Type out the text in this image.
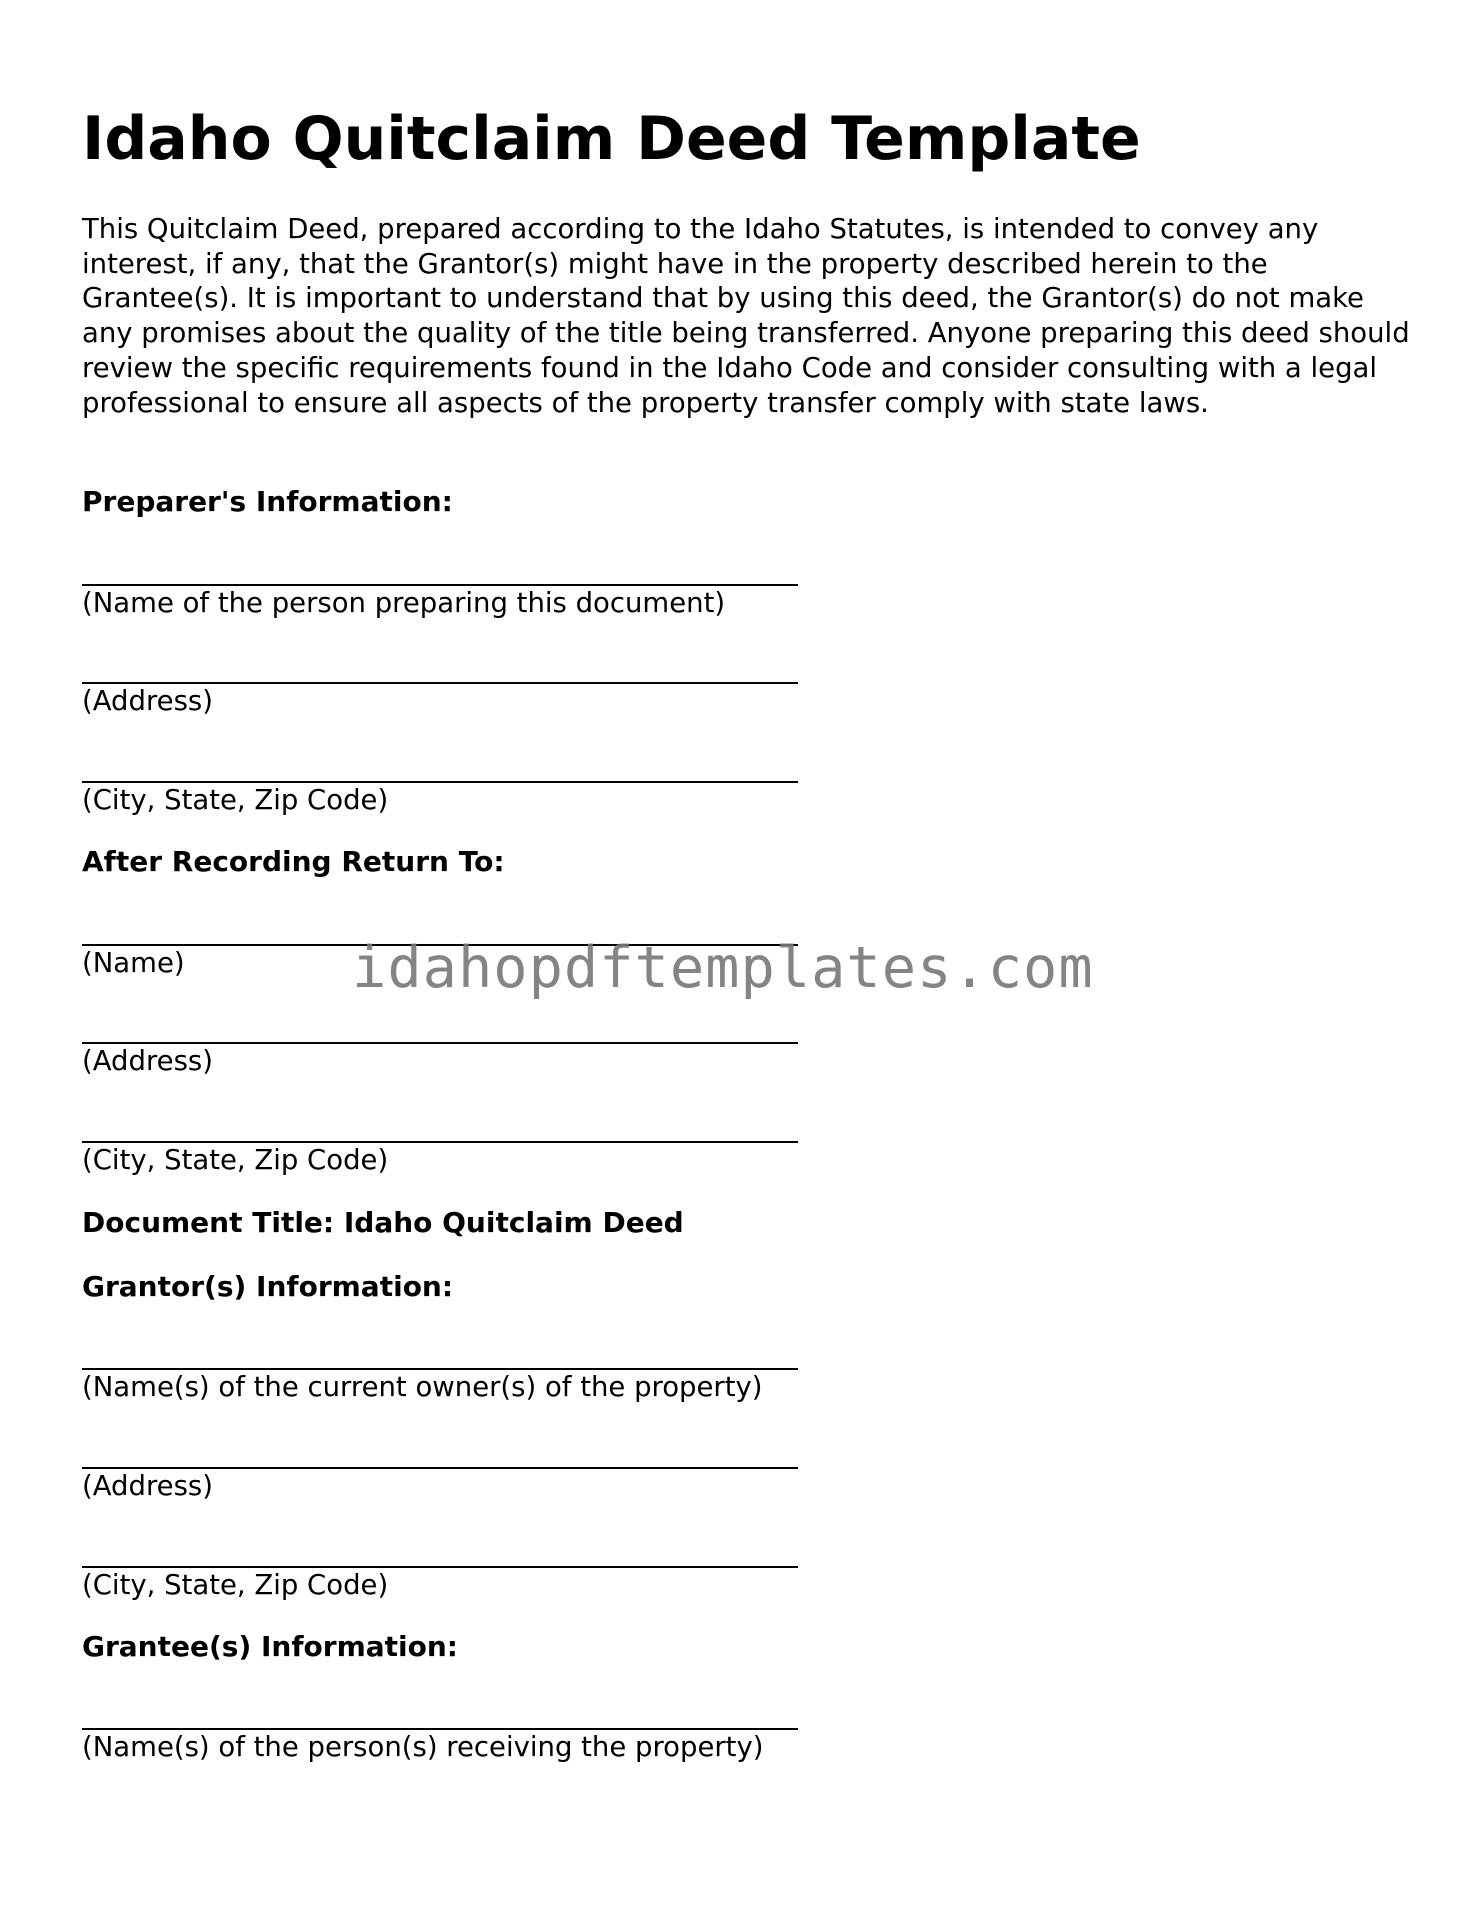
Idaho Quitclaim Deed Template

This Quitclaim Deed, prepared according to the Idaho Statutes, is intended to convey any interest, if any, that the Grantor(s) might have in the property described herein to the Grantee(s). It is important to understand that by using this deed, the Grantor(s) do not make any promises about the quality of the title being transferred. Anyone preparing this deed should review the specific requirements found in the Idaho Code and consider consulting with a legal professional to ensure all aspects of the property transfer comply with state laws.

Preparer's Information:
(Name of the person preparing this document)
(Address)
(City, State, Zip Code)
After Recording Return To:
(Name)
(Address)
(City, State, Zip Code)
Document Title: Idaho Quitclaim Deed
Grantor(s) Information:
(Name(s) of the current owner(s) of the property)
(Address)
(City, State, Zip Code)
Grantee(s) Information:
(Name(s) of the person(s) receiving the property)
idahopdftemplates.com
